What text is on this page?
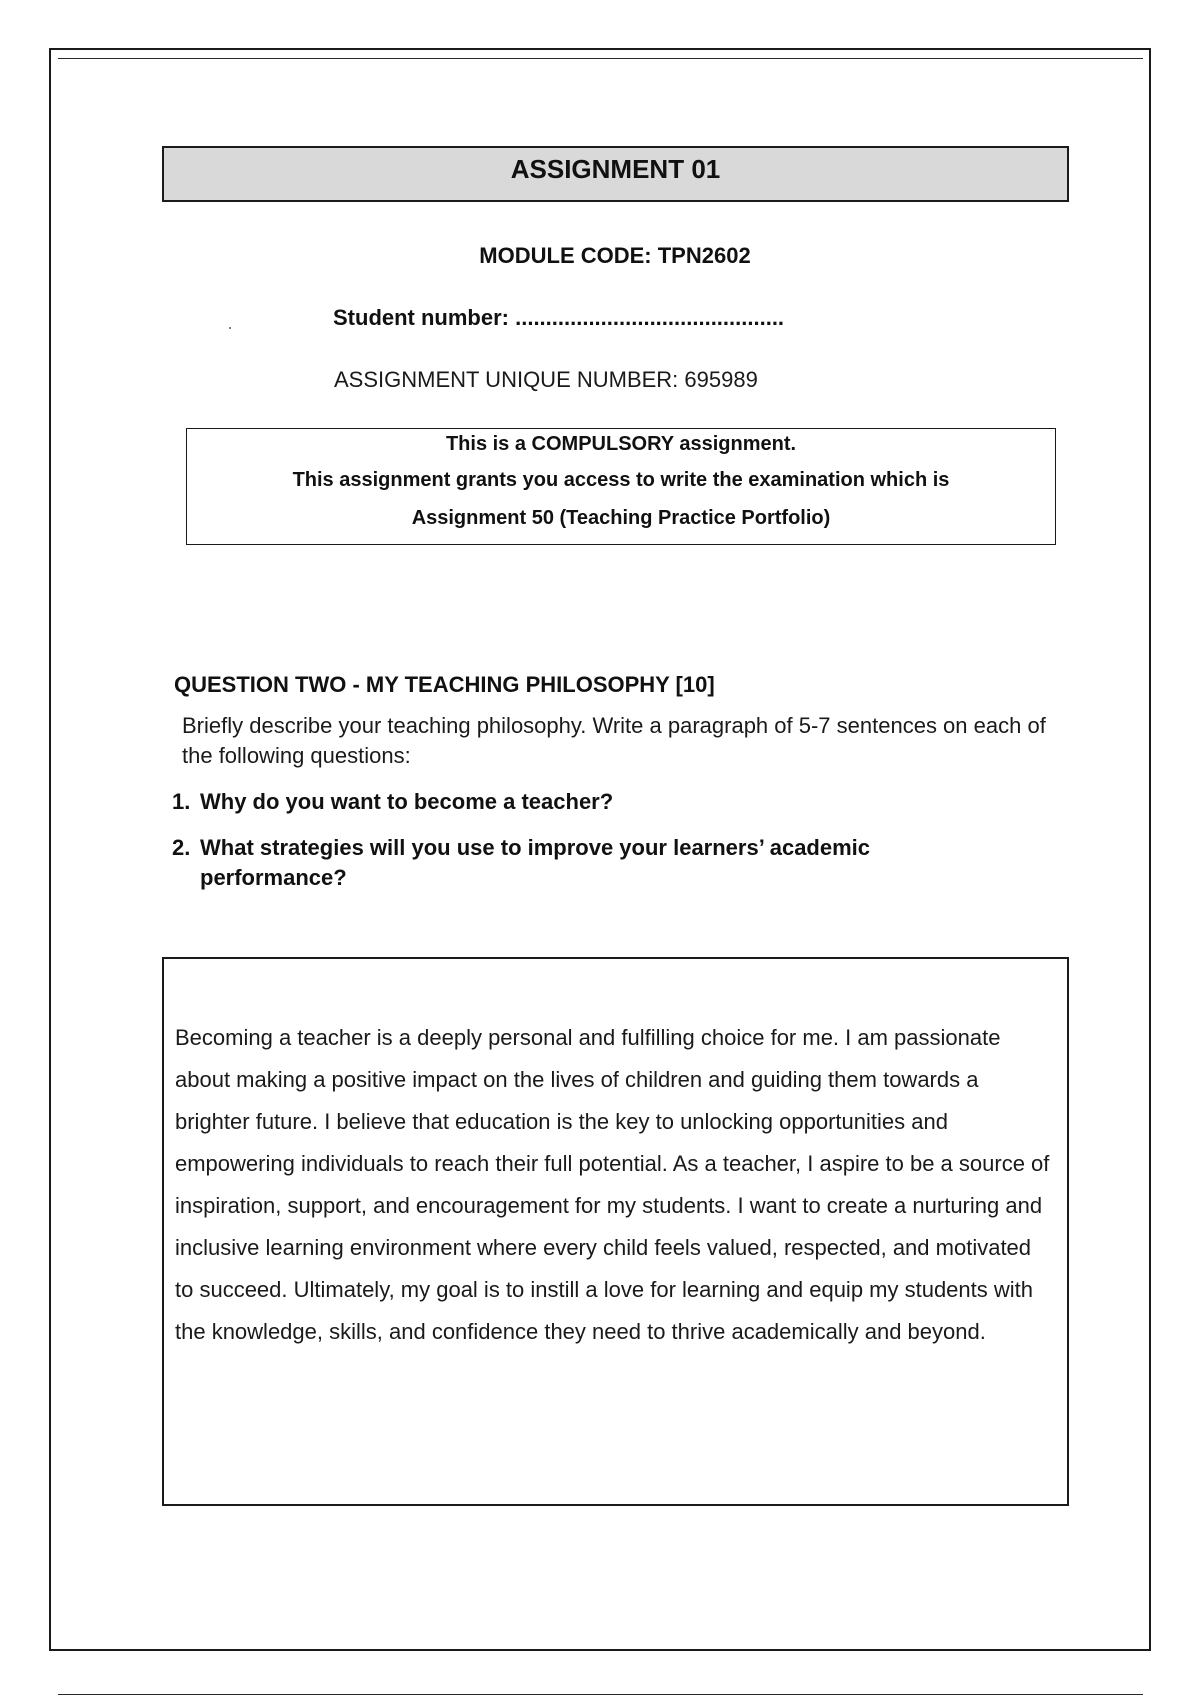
ASSIGNMENT 01
MODULE CODE: TPN2602
Student number: ............................................
ASSIGNMENT UNIQUE NUMBER: 695989
This is a COMPULSORY assignment.
This assignment grants you access to write the examination which is
Assignment 50 (Teaching Practice Portfolio)
QUESTION TWO - MY TEACHING PHILOSOPHY [10]
Briefly describe your teaching philosophy. Write a paragraph of 5-7 sentences on each of the following questions:
1. Why do you want to become a teacher?
2. What strategies will you use to improve your learners’ academic performance?
Becoming a teacher is a deeply personal and fulfilling choice for me. I am passionate about making a positive impact on the lives of children and guiding them towards a brighter future. I believe that education is the key to unlocking opportunities and empowering individuals to reach their full potential. As a teacher, I aspire to be a source of inspiration, support, and encouragement for my students. I want to create a nurturing and inclusive learning environment where every child feels valued, respected, and motivated to succeed. Ultimately, my goal is to instill a love for learning and equip my students with the knowledge, skills, and confidence they need to thrive academically and beyond.
